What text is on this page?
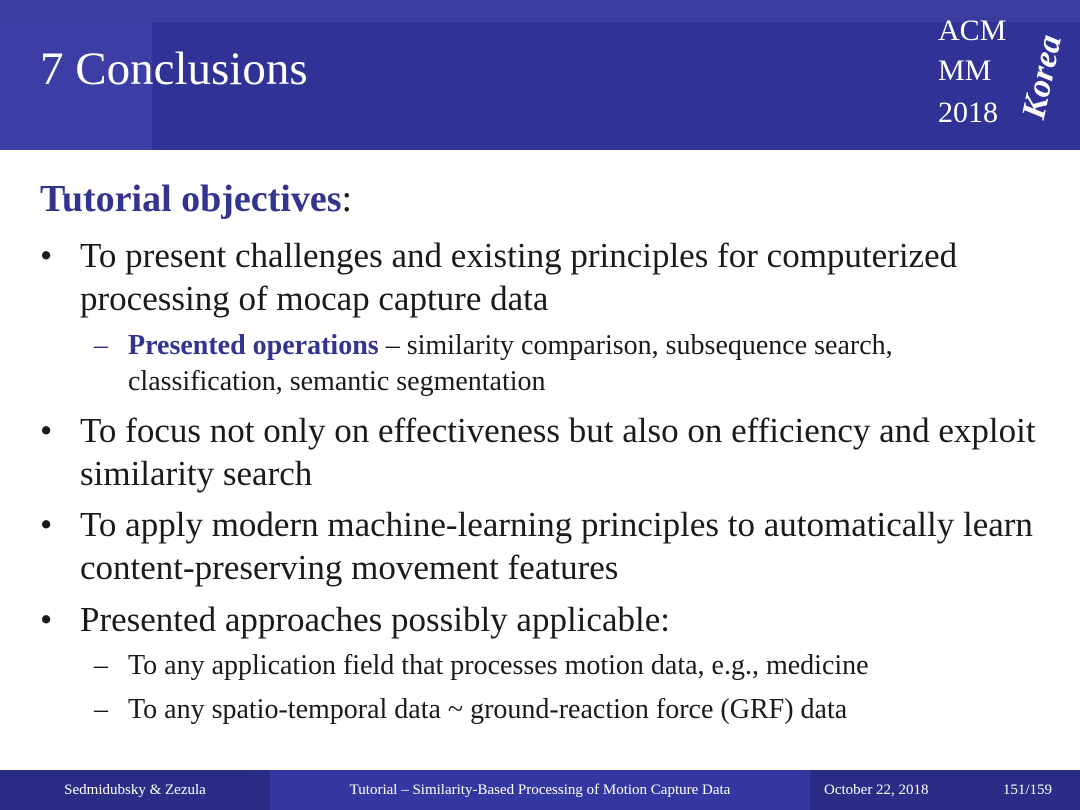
7 Conclusions
ACM
MM
2018 Korea
Tutorial objectives:
• To present challenges and existing principles for computerized processing of mocap capture data
– Presented operations – similarity comparison, subsequence search, classification, semantic segmentation
• To focus not only on effectiveness but also on efficiency and exploit similarity search
• To apply modern machine-learning principles to automatically learn content-preserving movement features
• Presented approaches possibly applicable:
– To any application field that processes motion data, e.g., medicine
– To any spatio-temporal data ~ ground-reaction force (GRF) data
Sedmidubsky & Zezula	Tutorial – Similarity-Based Processing of Motion Capture Data	October 22, 2018	151/159
